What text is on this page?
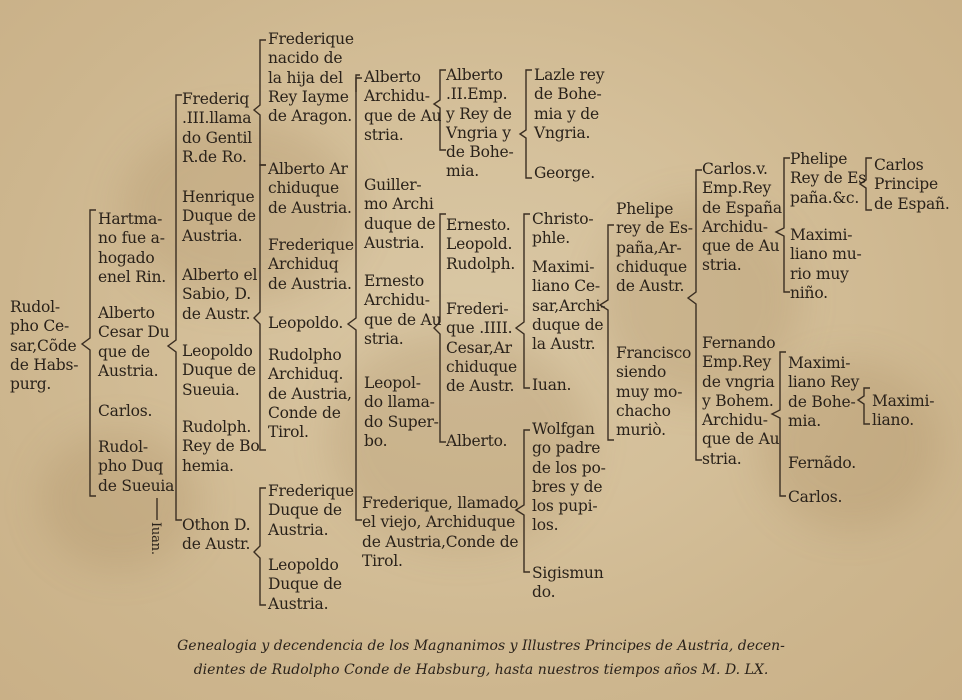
Rudol-
pho Ce-
sar,Cõde
de Habs-
purg.
Hartma-
no fue a-
hogado
enel Rin.
Alberto
Cesar Du
que de
Austria.
Carlos.
Rudol-
pho Duq
de Sueuia
Iuan.
Frederiq
.III.llama
do Gentil
R.de Ro.
Henrique
Duque de
Austria.
Alberto el
Sabio, D.
de Austr.
Leopoldo
Duque de
Sueuia.
Rudolph.
Rey de Bo
hemia.
Othon D.
de Austr.
Frederique
nacido de
la hija del
Rey Iayme
de Aragon.
Alberto Ar
chiduque
de Austria.
Frederique
Archiduq
de Austria.
Leopoldo.
Rudolpho
Archiduq.
de Austria,
Conde de
Tirol.
Frederique
Duque de
Austria.
Leopoldo
Duque de
Austria.
Alberto
Archidu-
que de Au
stria.
Guiller-
mo Archi
duque de
Austria.
Ernesto
Archidu-
que de Au
stria.
Leopol-
do llama-
do Super-
bo.
Frederique, llamado
el viejo, Archiduque
de Austria,Conde de
Tirol.
Alberto
.II.Emp.
y Rey de
Vngria y
de Bohe-
mia.
Ernesto.
Leopold.
Rudolph.
Frederi-
que .IIII.
Cesar,Ar
chiduque
de Austr.
Alberto.
Lazle rey
de Bohe-
mia y de
Vngria.
George.
Christo-
phle.
Maximi-
liano Ce-
sar,Archi-
duque de
la Austr.
Iuan.
Wolfgan
go padre
de los po-
bres y de
los pupi-
los.
Sigismun
do.
Phelipe
rey de Es-
paña,Ar-
chiduque
de Austr.
Francisco
siendo
muy mo-
chacho
muriò.
Carlos.v.
Emp.Rey
de España
Archidu-
que de Au
stria.
Fernando
Emp.Rey
de vngria
y Bohem.
Archidu-
que de Au
stria.
Phelipe
Rey de Es
paña.&c.
Maximi-
liano mu-
rio muy
niño.
Maximi-
liano Rey
de Bohe-
mia.
Fernãdo.
Carlos.
Carlos
Principe
de Españ.
Maximi-
liano.
Genealogia y decendencia de los Magnanimos y Illustres Principes de Austria, decen-
dientes de Rudolpho Conde de Habsburg, hasta nuestros tiempos años M. D. LX.
